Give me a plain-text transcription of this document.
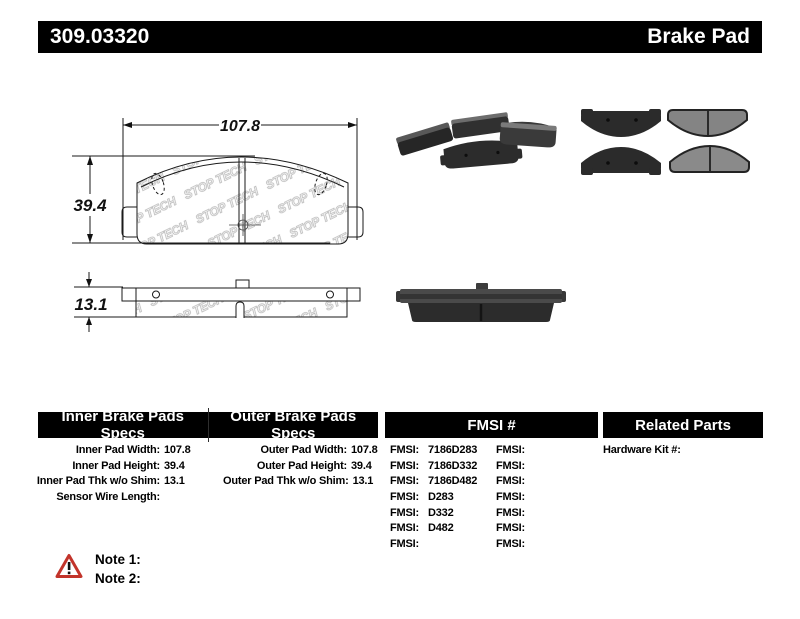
309.03320	Brake Pad
107.8
39.4
13.1
Inner Brake Pads Specs
Outer Brake Pads Specs	FMSI #	Related Parts
Inner Pad Width: 107.8
Inner Pad Height: 39.4
Inner Pad Thk w/o Shim: 13.1
Sensor Wire Length:
Outer Pad Width: 107.8
Outer Pad Height: 39.4
Outer Pad Thk w/o Shim: 13.1
FMSI: 7186D283
FMSI: 7186D332
FMSI: 7186D482
FMSI: D283
FMSI: D332
FMSI: D482
FMSI:
FMSI:
FMSI:
FMSI:
FMSI:
FMSI:
FMSI:
FMSI:
Hardware Kit #:
Note 1:
Note 2:
